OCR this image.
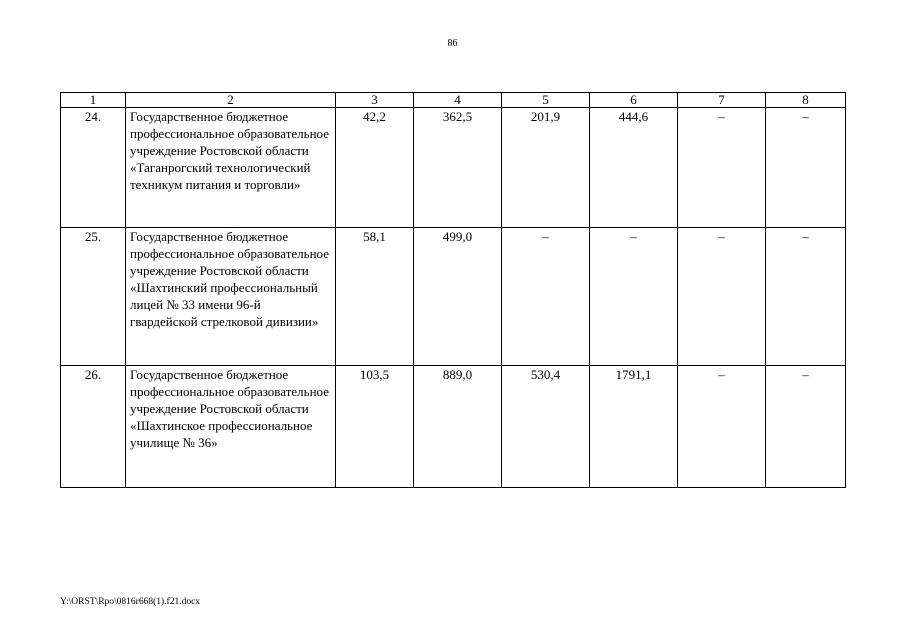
86
1	2	3	4	5	6	7	8
24.	Государственное бюджетное профессиональное образовательное учреждение Ростовской области «Таганрогский технологический техникум питания и торговли»	42,2	362,5	201,9	444,6	–	–
25.	Государственное бюджетное профессиональное образовательное учреждение Ростовской области «Шахтинский профессиональный лицей № 33 имени 96-й гвардейской стрелковой дивизии»	58,1	499,0	–	–	–	–
26.	Государственное бюджетное профессиональное образовательное учреждение Ростовской области «Шахтинское профессиональное училище № 36»	103,5	889,0	530,4	1791,1	–	–
Y:\ORST\Rpo\0816r668(1).f21.docx
